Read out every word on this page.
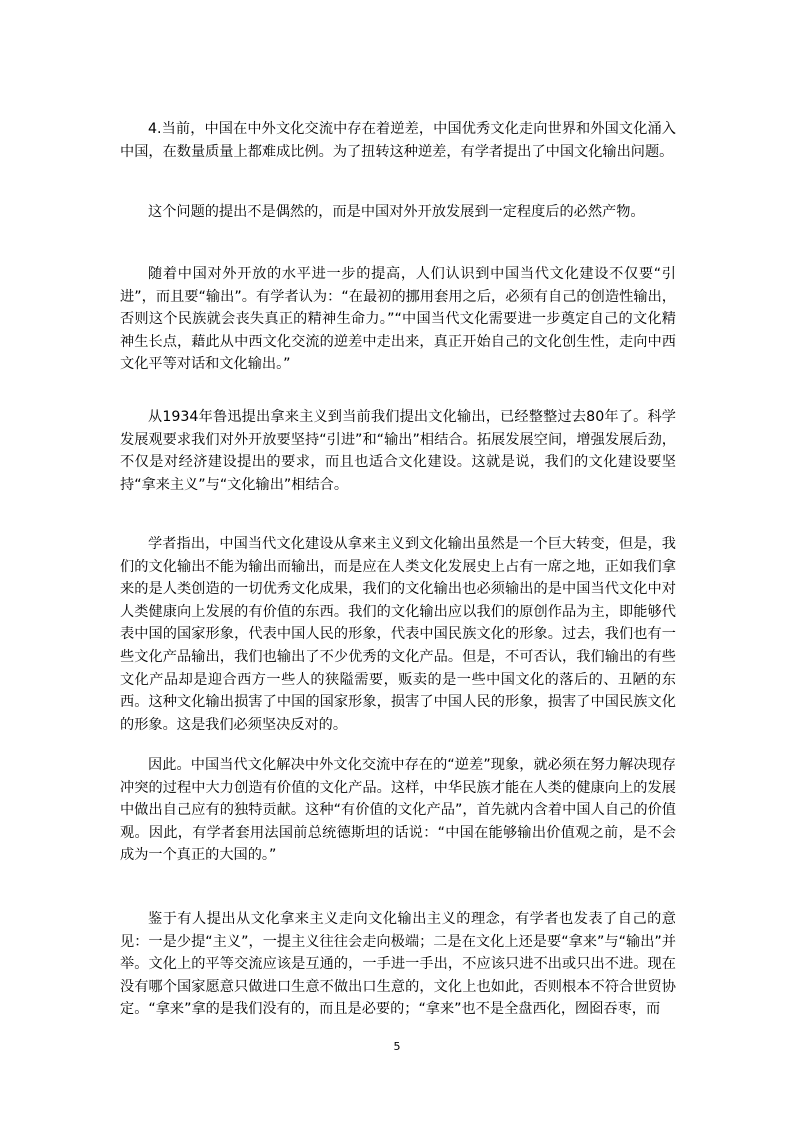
4.当前，中国在中外文化交流中存在着逆差，中国优秀文化走向世界和外国文化涌入中国，在数量质量上都难成比例。为了扭转这种逆差，有学者提出了中国文化输出问题。

这个问题的提出不是偶然的，而是中国对外开放发展到一定程度后的必然产物。

随着中国对外开放的水平进一步的提高，人们认识到中国当代文化建设不仅要“引进”，而且要“输出”。有学者认为：“在最初的挪用套用之后，必须有自己的创造性输出，否则这个民族就会丧失真正的精神生命力。”“中国当代文化需要进一步奠定自己的文化精神生长点，藉此从中西文化交流的逆差中走出来，真正开始自己的文化创生性，走向中西文化平等对话和文化输出。”

从1934年鲁迅提出拿来主义到当前我们提出文化输出，已经整整过去80年了。科学发展观要求我们对外开放要坚持“引进”和“输出”相结合。拓展发展空间，增强发展后劲，不仅是对经济建设提出的要求，而且也适合文化建设。这就是说，我们的文化建设要坚持“拿来主义”与“文化输出”相结合。

学者指出，中国当代文化建设从拿来主义到文化输出虽然是一个巨大转变，但是，我们的文化输出不能为输出而输出，而是应在人类文化发展史上占有一席之地，正如我们拿来的是人类创造的一切优秀文化成果，我们的文化输出也必须输出的是中国当代文化中对人类健康向上发展的有价值的东西。我们的文化输出应以我们的原创作品为主，即能够代表中国的国家形象，代表中国人民的形象，代表中国民族文化的形象。过去，我们也有一些文化产品输出，我们也输出了不少优秀的文化产品。但是，不可否认，我们输出的有些文化产品却是迎合西方一些人的狭隘需要，贩卖的是一些中国文化的落后的、丑陋的东西。这种文化输出损害了中国的国家形象，损害了中国人民的形象，损害了中国民族文化的形象。这是我们必须坚决反对的。

因此。中国当代文化解决中外文化交流中存在的“逆差”现象，就必须在努力解决现存冲突的过程中大力创造有价值的文化产品。这样，中华民族才能在人类的健康向上的发展中做出自己应有的独特贡献。这种“有价值的文化产品”，首先就内含着中国人自己的价值观。因此，有学者套用法国前总统德斯坦的话说：“中国在能够输出价值观之前，是不会成为一个真正的大国的。”

鉴于有人提出从文化拿来主义走向文化输出主义的理念，有学者也发表了自己的意见：一是少提“主义”，一提主义往往会走向极端；二是在文化上还是要“拿来”与“输出”并举。文化上的平等交流应该是互通的，一手进一手出，不应该只进不出或只出不进。现在没有哪个国家愿意只做进口生意不做出口生意的，文化上也如此，否则根本不符合世贸协定。“拿来”拿的是我们没有的，而且是必要的；“拿来”也不是全盘西化，囫囵吞枣，而

5
